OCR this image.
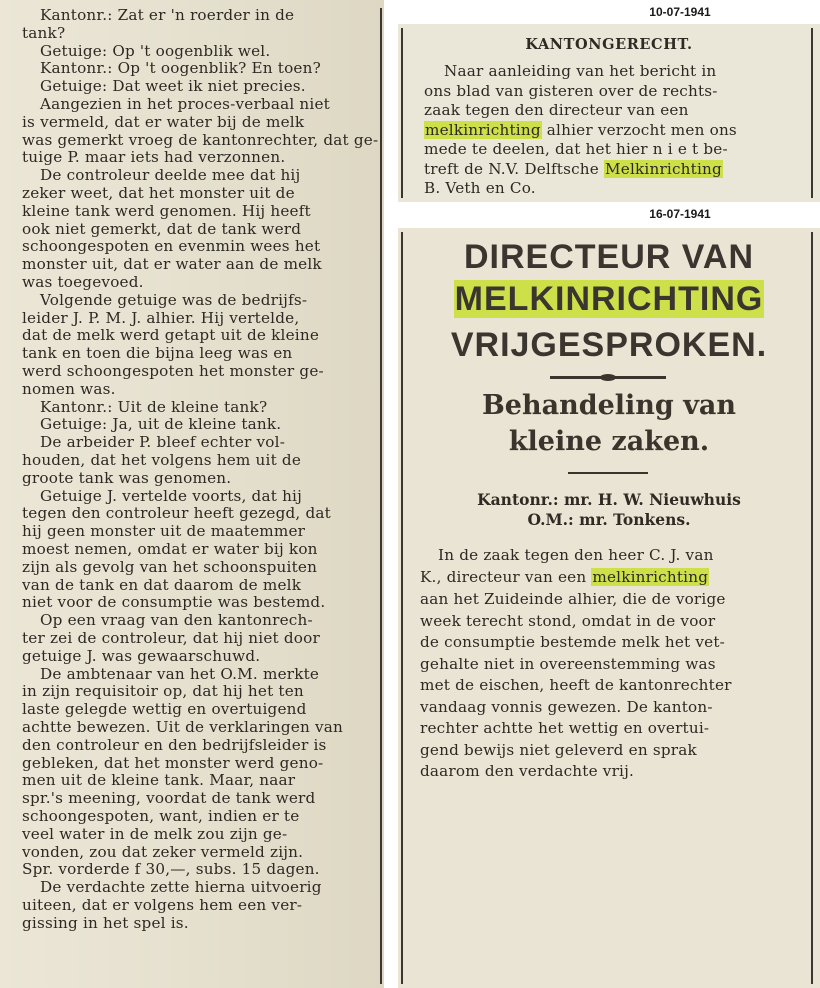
Kantonr.: Zat er 'n roerder in de
tank?
Getuige: Op 't oogenblik wel.
Kantonr.: Op 't oogenblik? En toen?
Getuige: Dat weet ik niet precies.
Aangezien in het proces-verbaal niet
is vermeld, dat er water bij de melk
was gemerkt vroeg de kantonrechter, dat ge-
tuige P. maar iets had verzonnen.
De controleur deelde mee dat hij
zeker weet, dat het monster uit de
kleine tank werd genomen. Hij heeft
ook niet gemerkt, dat de tank werd
schoongespoten en evenmin wees het
monster uit, dat er water aan de melk
was toegevoed.
Volgende getuige was de bedrijfs-
leider J. P. M. J. alhier. Hij vertelde,
dat de melk werd getapt uit de kleine
tank en toen die bijna leeg was en
werd schoongespoten het monster ge-
nomen was.
Kantonr.: Uit de kleine tank?
Getuige: Ja, uit de kleine tank.
De arbeider P. bleef echter vol-
houden, dat het volgens hem uit de
groote tank was genomen.
Getuige J. vertelde voorts, dat hij
tegen den controleur heeft gezegd, dat
hij geen monster uit de maatemmer
moest nemen, omdat er water bij kon
zijn als gevolg van het schoonspuiten
van de tank en dat daarom de melk
niet voor de consumptie was bestemd.
Op een vraag van den kantonrech-
ter zei de controleur, dat hij niet door
getuige J. was gewaarschuwd.
De ambtenaar van het O.M. merkte
in zijn requisitoir op, dat hij het ten
laste gelegde wettig en overtuigend
achtte bewezen. Uit de verklaringen van
den controleur en den bedrijfsleider is
gebleken, dat het monster werd geno-
men uit de kleine tank. Maar, naar
spr.'s meening, voordat de tank werd
schoongespoten, want, indien er te
veel water in de melk zou zijn ge-
vonden, zou dat zeker vermeld zijn.
Spr. vorderde f 30,—, subs. 15 dagen.
De verdachte zette hierna uitvoerig
uiteen, dat er volgens hem een ver-
gissing in het spel is.
10-07-1941
KANTONGERECHT.
Naar aanleiding van het bericht in
ons blad van gisteren over de rechts-
zaak tegen den directeur van een
melkinrichting alhier verzocht men ons
mede te deelen, dat het hier n i e t be-
treft de N.V. Delftsche Melkinrichting
B. Veth en Co.
16-07-1941
DIRECTEUR VAN
MELKINRICHTING
VRIJGESPROKEN.
Behandeling van
kleine zaken.
Kantonr.: mr. H. W. Nieuwhuis
O.M.: mr. Tonkens.
In de zaak tegen den heer C. J. van
K., directeur van een melkinrichting
aan het Zuideinde alhier, die de vorige
week terecht stond, omdat in de voor
de consumptie bestemde melk het vet-
gehalte niet in overeenstemming was
met de eischen, heeft de kantonrechter
vandaag vonnis gewezen. De kanton-
rechter achtte het wettig en overtui-
gend bewijs niet geleverd en sprak
daarom den verdachte vrij.
